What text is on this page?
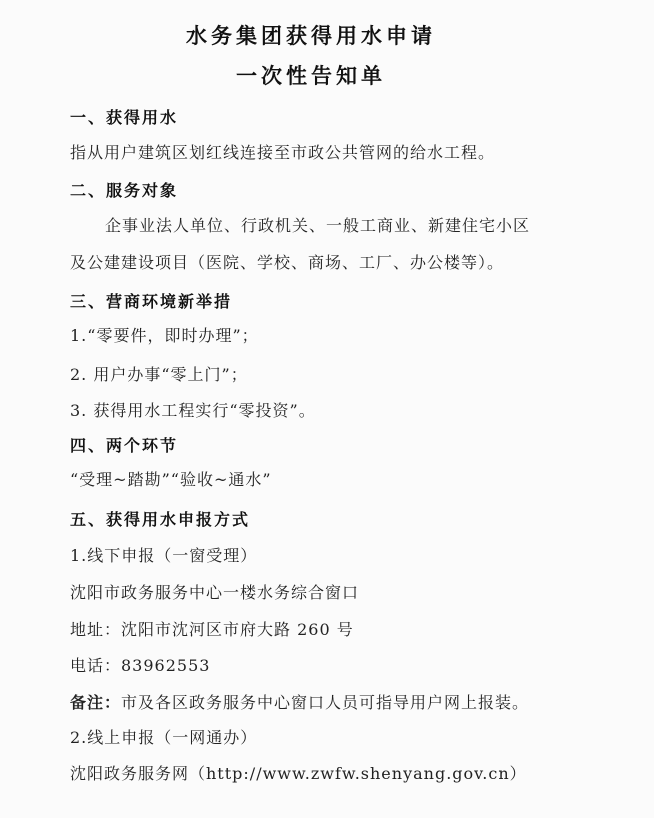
水务集团获得用水申请
一次性告知单
一、获得用水
指从用户建筑区划红线连接至市政公共管网的给水工程。
二、服务对象
企事业法人单位、行政机关、一般工商业、新建住宅小区
及公建建设项目（医院、学校、商场、工厂、办公楼等）。
三、营商环境新举措
1.“零要件，即时办理”；
2. 用户办事“零上门”；
3. 获得用水工程实行“零投资”。
四、两个环节
“受理~踏勘”“验收~通水”
五、获得用水申报方式
1.线下申报（一窗受理）
沈阳市政务服务中心一楼水务综合窗口
地址：沈阳市沈河区市府大路 260 号
电话：83962553
备注：市及各区政务服务中心窗口人员可指导用户网上报装。
2.线上申报（一网通办）
沈阳政务服务网（http://www.zwfw.shenyang.gov.cn）
